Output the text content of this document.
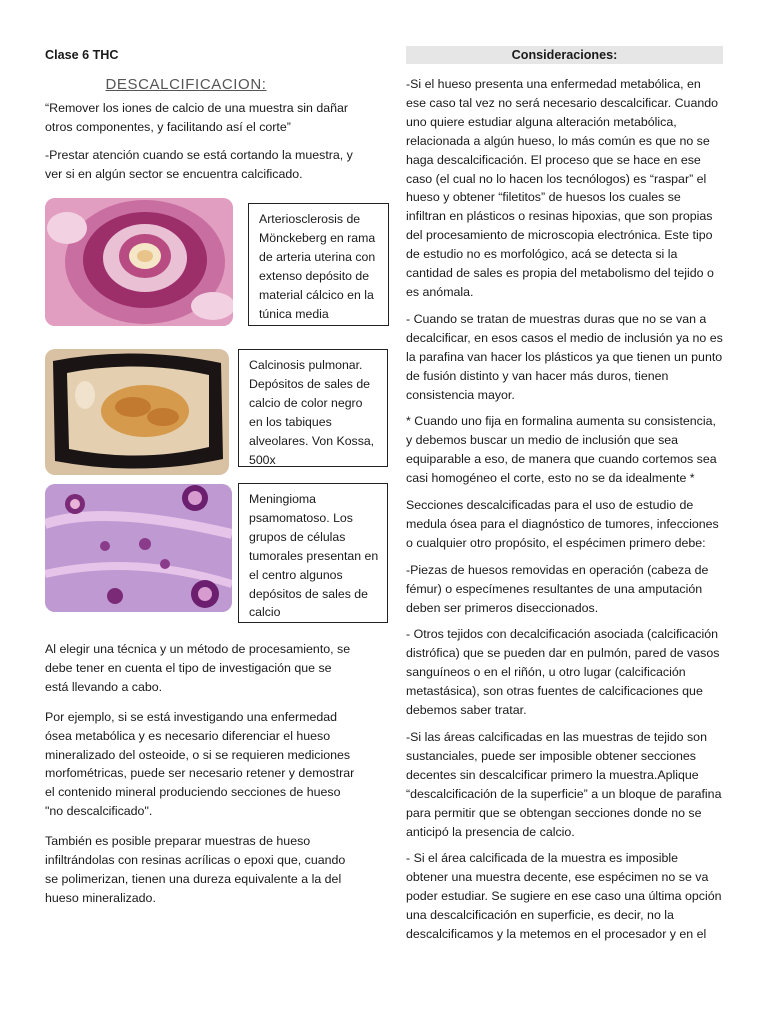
Clase 6 THC

DESCALCIFICACION:

“Remover los iones de calcio de una muestra sin dañar otros componentes, y facilitando así el corte”

-Prestar atención cuando se está cortando la muestra, y ver si en algún sector se encuentra calcificado.

Arteriosclerosis de Mönckeberg en rama de arteria uterina con extenso depósito de material cálcico en la túnica media
Calcinosis pulmonar. Depósitos de sales de calcio de color negro en los tabiques alveolares. Von Kossa, 500x
Meningioma psamomatoso. Los grupos de células tumorales presentan en el centro algunos depósitos de sales de calcio

Al elegir una técnica y un método de procesamiento, se debe tener en cuenta el tipo de investigación que se está llevando a cabo.

Por ejemplo, si se está investigando una enfermedad ósea metabólica y es necesario diferenciar el hueso mineralizado del osteoide, o si se requieren mediciones morfométricas, puede ser necesario retener y demostrar el contenido mineral produciendo secciones de hueso "no descalcificado".

También es posible preparar muestras de hueso infiltrándolas con resinas acrílicas o epoxi que, cuando se polimerizan, tienen una dureza equivalente a la del hueso mineralizado.

Consideraciones:

-Si el hueso presenta una enfermedad metabólica, en ese caso tal vez no será necesario descalcificar. Cuando uno quiere estudiar alguna alteración metabólica, relacionada a algún hueso, lo más común es que no se haga descalcificación. El proceso que se hace en ese caso (el cual no lo hacen los tecnólogos) es “raspar” el hueso y obtener “filetitos” de huesos los cuales se infiltran en plásticos o resinas hipoxias, que son propias del procesamiento de microscopia electrónica. Este tipo de estudio no es morfológico, acá se detecta si la cantidad de sales es propia del metabolismo del tejido o es anómala.

- Cuando se tratan de muestras duras que no se van a decalcificar, en esos casos el medio de inclusión ya no es la parafina van hacer los plásticos ya que tienen un punto de fusión distinto y van hacer más duros, tienen consistencia mayor.

* Cuando uno fija en formalina aumenta su consistencia, y debemos buscar un medio de inclusión que sea equiparable a eso, de manera que cuando cortemos sea casi homogéneo el corte, esto no se da idealmente *

Secciones descalcificadas para el uso de estudio de medula ósea para el diagnóstico de tumores, infecciones o cualquier otro propósito, el espécimen primero debe:

-Piezas de huesos removidas en operación (cabeza de fémur) o especímenes resultantes de una amputación deben ser primeros diseccionados.

- Otros tejidos con decalcificación asociada (calcificación distrófica) que se pueden dar en pulmón, pared de vasos sanguíneos o en el riñón, u otro lugar (calcificación metastásica), son otras fuentes de calcificaciones que debemos saber tratar.

-Si las áreas calcificadas en las muestras de tejido son sustanciales, puede ser imposible obtener secciones decentes sin descalcificar primero la muestra.Aplique “descalcificación de la superficie” a un bloque de parafina para permitir que se obtengan secciones donde no se anticipó la presencia de calcio.

- Si el área calcificada de la muestra es imposible obtener una muestra decente, ese espécimen no se va poder estudiar. Se sugiere en ese caso una última opción una descalcificación en superficie, es decir, no la descalcificamos y la metemos en el procesador y en el
